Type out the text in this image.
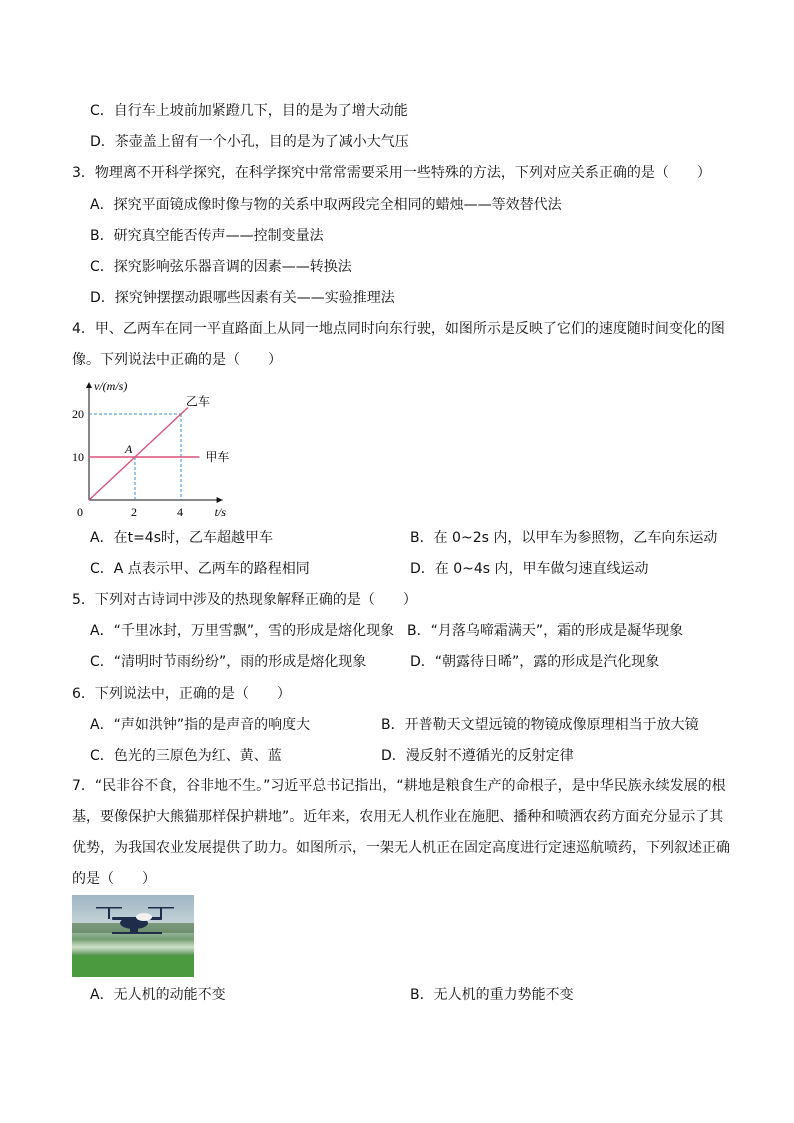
C．自行车上坡前加紧蹬几下，目的是为了增大动能
D．茶壶盖上留有一个小孔，目的是为了减小大气压
3．物理离不开科学探究，在科学探究中常常需要采用一些特殊的方法，下列对应关系正确的是（　　）
A．探究平面镜成像时像与物的关系中取两段完全相同的蜡烛——等效替代法
B．研究真空能否传声——控制变量法
C．探究影响弦乐器音调的因素——转换法
D．探究钟摆摆动跟哪些因素有关——实验推理法
4．甲、乙两车在同一平直路面上从同一地点同时向东行驶，如图所示是反映了它们的速度随时间变化的图像。下列说法中正确的是（　　）
v/(m/s)
t/s
0
10
20
2	4
甲车
乙车
A
A．在t=4s时，乙车超越甲车	B．在 0~2s 内，以甲车为参照物，乙车向东运动
C．A 点表示甲、乙两车的路程相同	D．在 0~4s 内，甲车做匀速直线运动
5．下列对古诗词中涉及的热现象解释正确的是（　　）
A．“千里冰封，万里雪飘”，雪的形成是熔化现象 B．“月落乌啼霜满天”，霜的形成是凝华现象
C．“清明时节雨纷纷”，雨的形成是熔化现象	D．“朝露待日晞”，露的形成是汽化现象
6．下列说法中，正确的是（　　）
A．“声如洪钟”指的是声音的响度大	B．开普勒天文望远镜的物镜成像原理相当于放大镜
C．色光的三原色为红、黄、蓝	D．漫反射不遵循光的反射定律
7．“民非谷不食，谷非地不生。”习近平总书记指出，“耕地是粮食生产的命根子，是中华民族永续发展的根基，要像保护大熊猫那样保护耕地”。近年来，农用无人机作业在施肥、播种和喷洒农药方面充分显示了其优势，为我国农业发展提供了助力。如图所示，一架无人机正在固定高度进行定速巡航喷药，下列叙述正确的是（　　）
A．无人机的动能不变	B．无人机的重力势能不变
